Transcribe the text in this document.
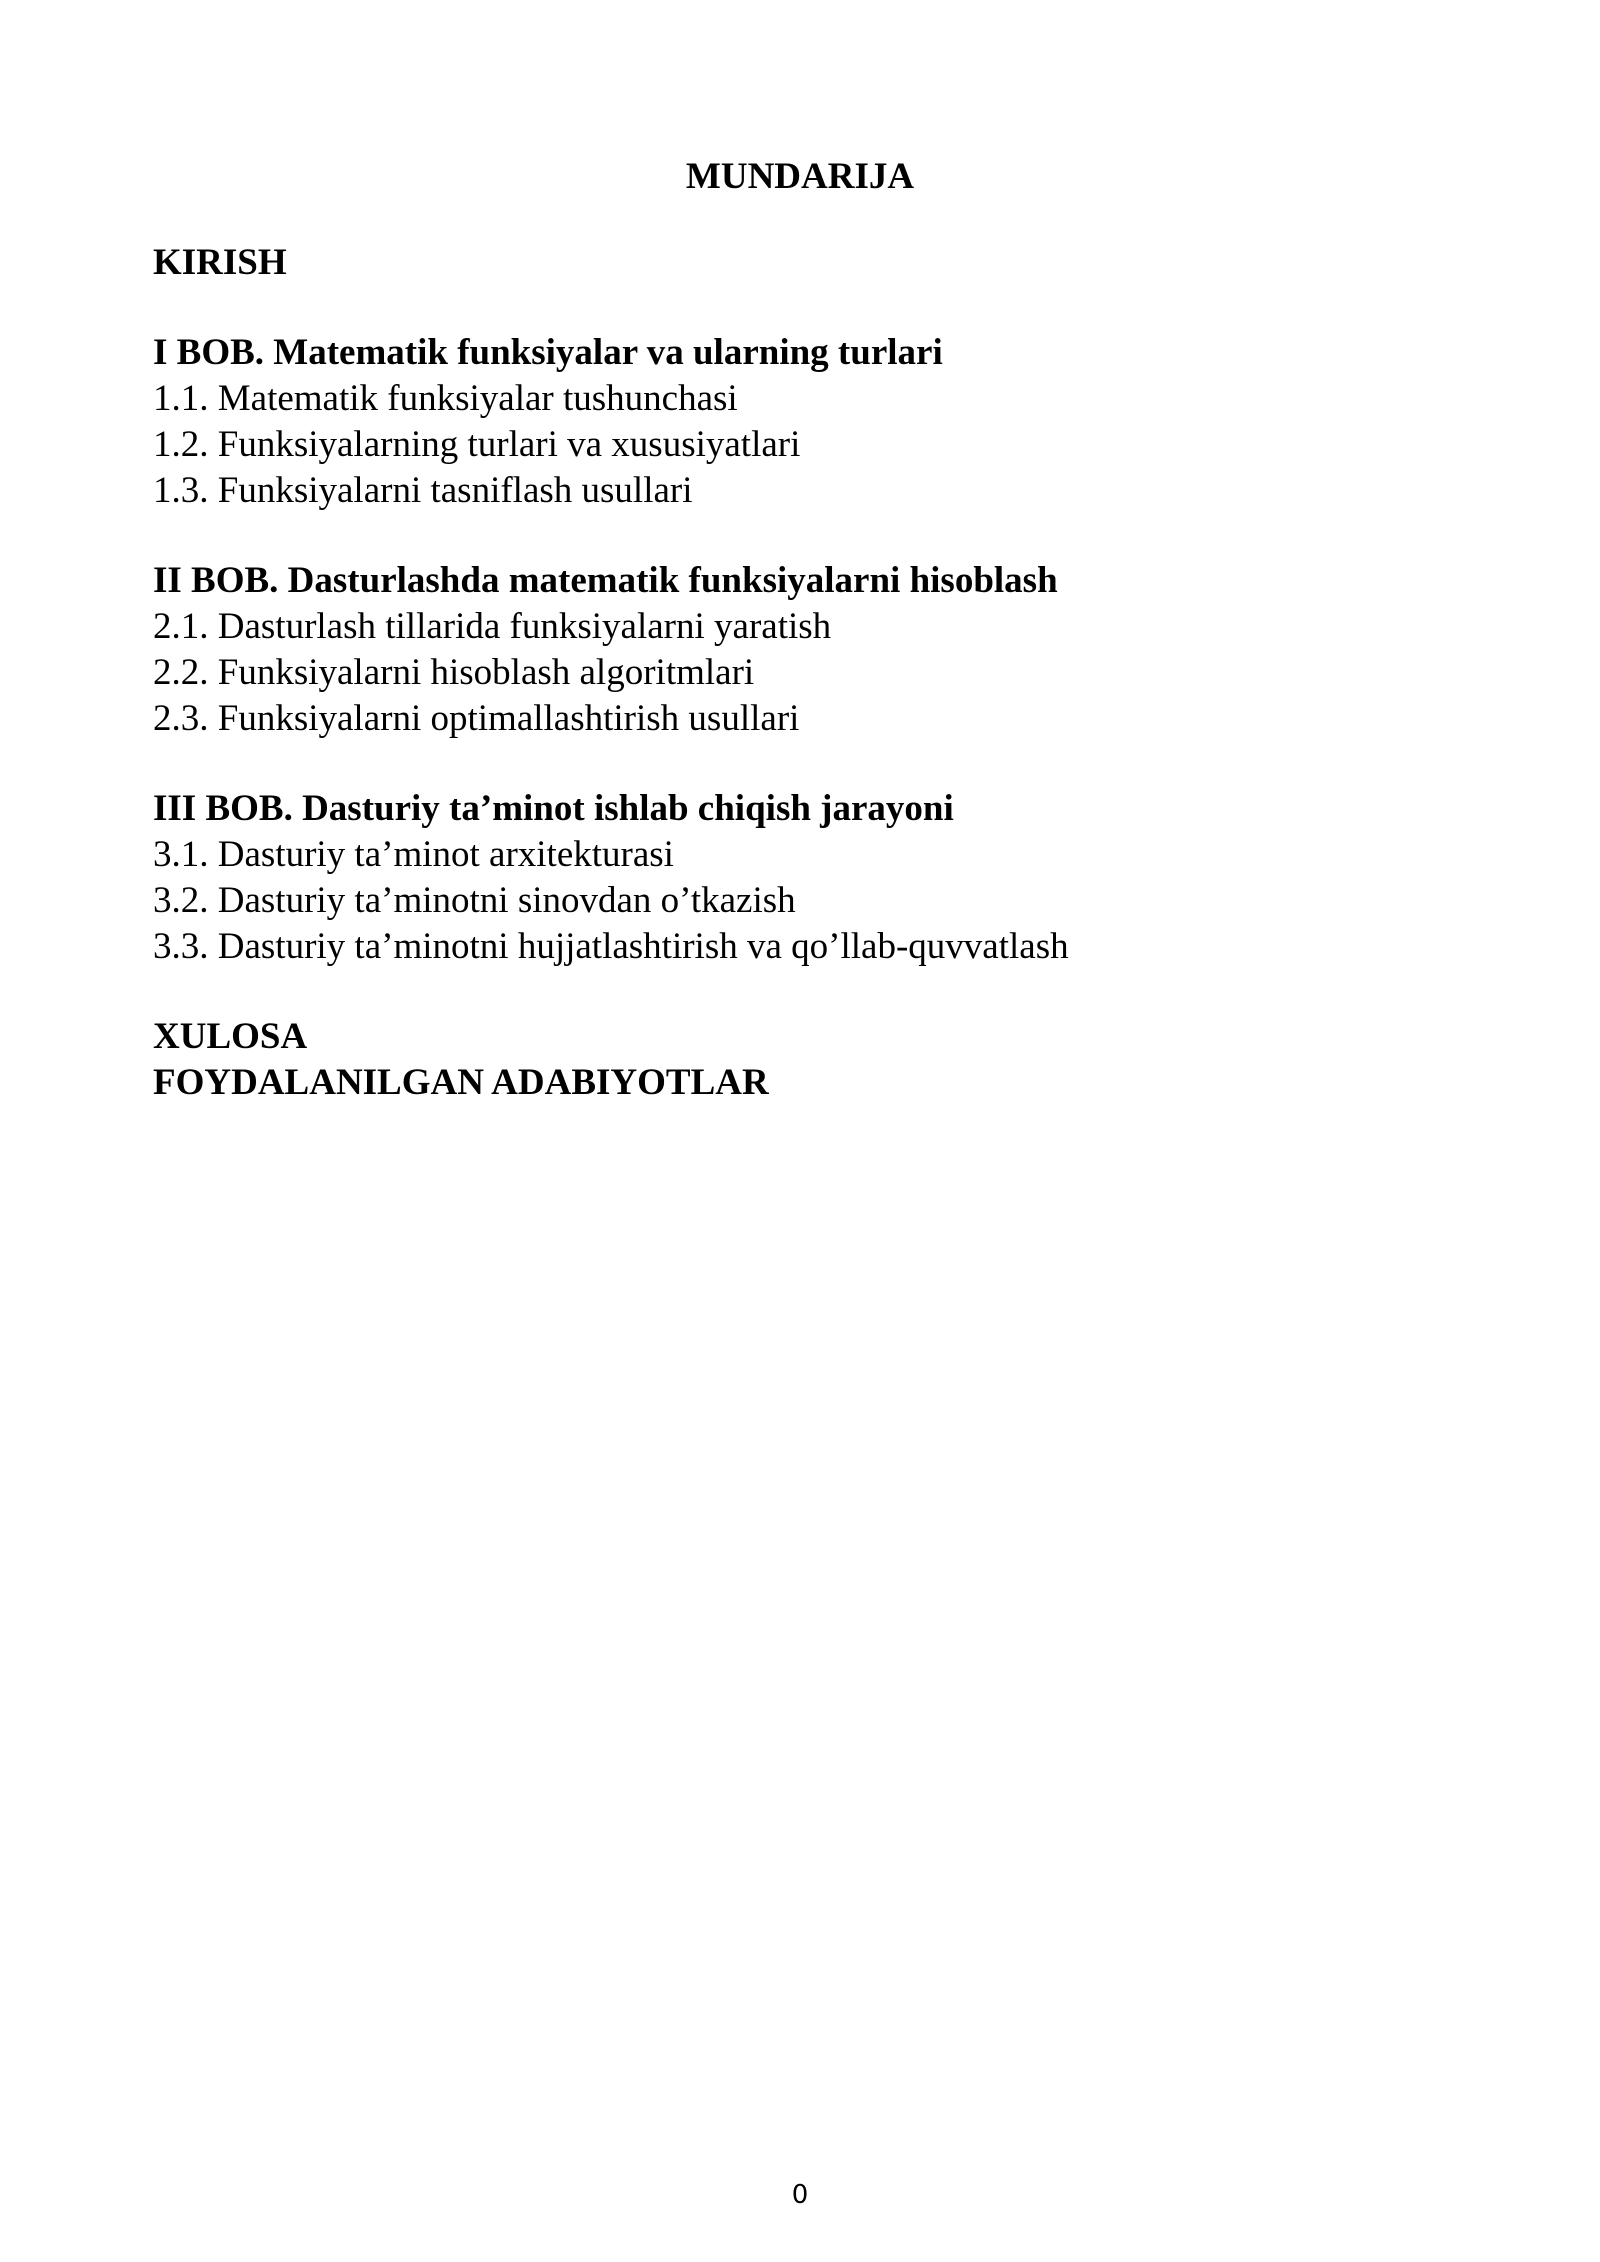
MUNDARIJA
KIRISH
I BOB. Matematik funksiyalar va ularning turlari
1.1. Matematik funksiyalar tushunchasi
1.2. Funksiyalarning turlari va xususiyatlari
1.3. Funksiyalarni tasniflash usullari
II BOB. Dasturlashda matematik funksiyalarni hisoblash
2.1. Dasturlash tillarida funksiyalarni yaratish
2.2. Funksiyalarni hisoblash algoritmlari
2.3. Funksiyalarni optimallashtirish usullari
III BOB. Dasturiy ta’minot ishlab chiqish jarayoni
3.1. Dasturiy ta’minot arxitekturasi
3.2. Dasturiy ta’minotni sinovdan o’tkazish
3.3. Dasturiy ta’minotni hujjatlashtirish va qo’llab-quvvatlash
XULOSA
FOYDALANILGAN ADABIYOTLAR
0
